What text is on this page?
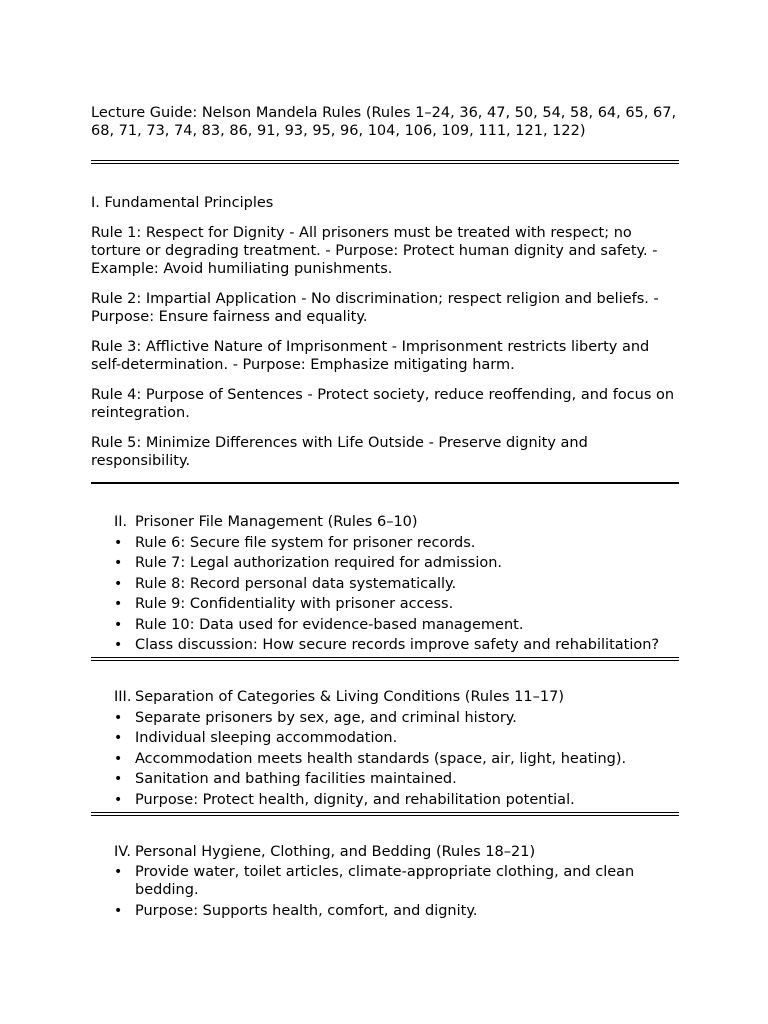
Lecture Guide: Nelson Mandela Rules (Rules 1–24, 36, 47, 50, 54, 58, 64, 65, 67, 68, 71, 73, 74, 83, 86, 91, 93, 95, 96, 104, 106, 109, 111, 121, 122)

I. Fundamental Principles

Rule 1: Respect for Dignity - All prisoners must be treated with respect; no torture or degrading treatment. - Purpose: Protect human dignity and safety. - Example: Avoid humiliating punishments.

Rule 2: Impartial Application - No discrimination; respect religion and beliefs. - Purpose: Ensure fairness and equality.

Rule 3: Afflictive Nature of Imprisonment - Imprisonment restricts liberty and self-determination. - Purpose: Emphasize mitigating harm.

Rule 4: Purpose of Sentences - Protect society, reduce reoffending, and focus on reintegration.

Rule 5: Minimize Differences with Life Outside - Preserve dignity and responsibility.

II. Prisoner File Management (Rules 6–10)
• Rule 6: Secure file system for prisoner records.
• Rule 7: Legal authorization required for admission.
• Rule 8: Record personal data systematically.
• Rule 9: Confidentiality with prisoner access.
• Rule 10: Data used for evidence-based management.
• Class discussion: How secure records improve safety and rehabilitation?
III. Separation of Categories & Living Conditions (Rules 11–17)
• Separate prisoners by sex, age, and criminal history.
• Individual sleeping accommodation.
• Accommodation meets health standards (space, air, light, heating).
• Sanitation and bathing facilities maintained.
• Purpose: Protect health, dignity, and rehabilitation potential.
IV. Personal Hygiene, Clothing, and Bedding (Rules 18–21)
• Provide water, toilet articles, climate-appropriate clothing, and clean bedding.
• Purpose: Supports health, comfort, and dignity.
